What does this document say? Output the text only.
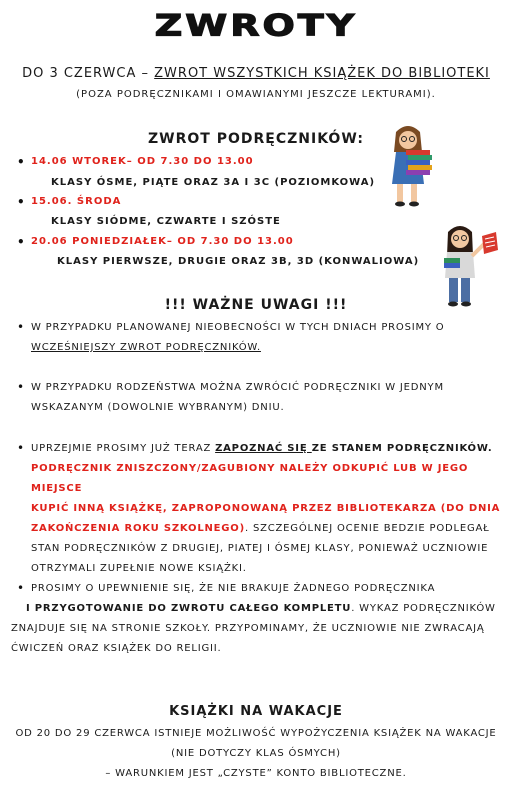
ZWROTY
DO 3 CZERWCA – ZWROT WSZYSTKICH KSIĄŻEK DO BIBLIOTEKI
(POZA PODRĘCZNIKAMI I OMAWIANYMI JESZCZE LEKTURAMI).
ZWROT PODRĘCZNIKÓW:
• 14.06 WTOREK– OD 7.30 DO 13.00
KLASY ÓSME, PIĄTE ORAZ 3A I 3C (POZIOMKOWA)
• 15.06. ŚRODA
KLASY SIÓDME, CZWARTE I SZÓSTE
• 20.06 PONIEDZIAŁEK– OD 7.30 DO 13.00
KLASY PIERWSZE, DRUGIE ORAZ 3B, 3D (KONWALIOWA)
!!! WAŻNE UWAGI !!!
• W PRZYPADKU PLANOWANEJ NIEOBECNOŚCI W TYCH DNIACH PROSIMY O
WCZEŚNIEJSZY ZWROT PODRĘCZNIKÓW.
• W PRZYPADKU RODZEŃSTWA MOŻNA ZWRÓCIĆ PODRĘCZNIKI W JEDNYM
WSKAZANYM (DOWOLNIE WYBRANYM) DNIU.
• UPRZEJMIE PROSIMY JUŻ TERAZ ZAPOZNAĆ SIĘ ZE STANEM PODRĘCZNIKÓW.
PODRĘCZNIK ZNISZCZONY/ZAGUBIONY NALEŻY ODKUPIĆ LUB W JEGO MIEJSCE
KUPIĆ INNĄ KSIĄŻKĘ, ZAPROPONOWANĄ PRZEZ BIBLIOTEKARZA (DO DNIA
ZAKOŃCZENIA ROKU SZKOLNEGO). SZCZEGÓLNEJ OCENIE BEDZIE PODLEGAŁ
STAN PODRĘCZNIKÓW Z DRUGIEJ, PIATEJ I ÓSMEJ KLASY, PONIEWAŻ UCZNIOWIE
OTRZYMALI ZUPEŁNIE NOWE KSIĄŻKI.
• PROSIMY O UPEWNIENIE SIĘ, ŻE NIE BRAKUJE ŻADNEGO PODRĘCZNIKA
I PRZYGOTOWANIE DO ZWROTU CAŁEGO KOMPLETU. WYKAZ PODRĘCZNIKÓW
ZNAJDUJE SIĘ NA STRONIE SZKOŁY. PRZYPOMINAMY, ŻE UCZNIOWIE NIE ZWRACAJĄ
ĆWICZEŃ ORAZ KSIĄŻEK DO RELIGII.
KSIĄŻKI NA WAKACJE
OD 20 DO 29 CZERWCA ISTNIEJE MOŻLIWOŚĆ WYPOŻYCZENIA KSIĄŻEK NA WAKACJE
(NIE DOTYCZY KLAS ÓSMYCH)
– WARUNKIEM JEST „CZYSTE” KONTO BIBLIOTECZNE.
